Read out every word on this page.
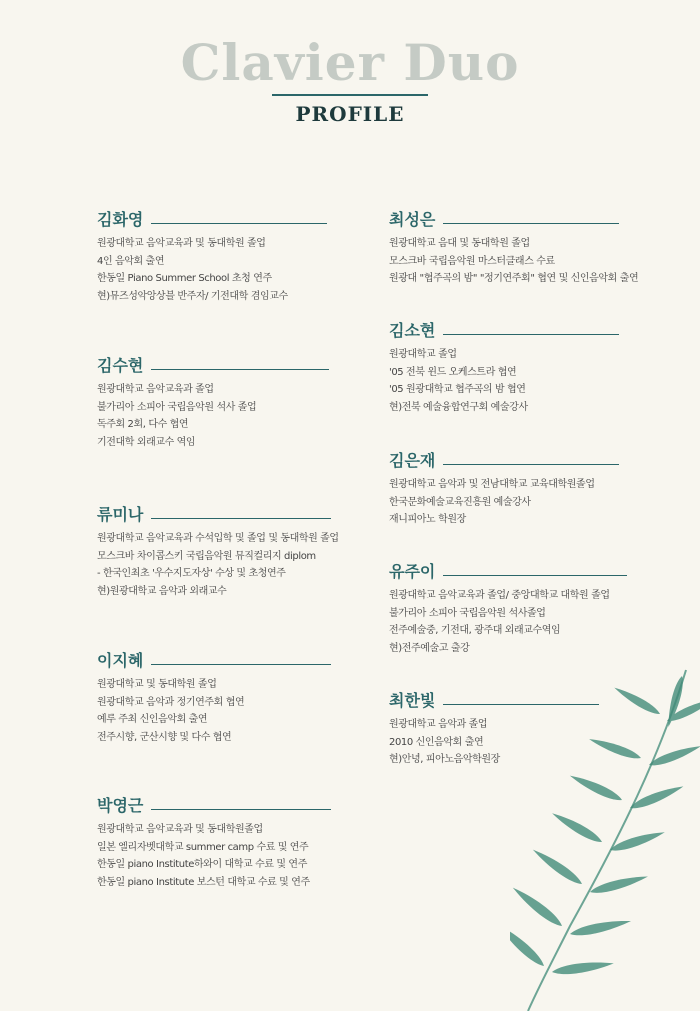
Clavier Duo
PROFILE
김화영
원광대학교 음악교육과 및 동대학원 졸업
4인 음악회 출연
한동일 Piano Summer School 초청 연주
현)뮤즈성악앙상블 반주자/ 기전대학 겸임교수
김수현
원광대학교 음악교육과 졸업
불가리아 소피아 국립음악원 석사 졸업
독주회 2회, 다수 협연
기전대학 외래교수 역임
류미나
원광대학교 음악교육과 수석입학 및 졸업 및 동대학원 졸업
모스크바 차이콥스키 국립음악원 뮤직컬리지 diplom
- 한국인최초 '우수지도자상' 수상 및 초청연주
현)원광대학교 음악과 외래교수
이지혜
원광대학교 및 동대학원 졸업
원광대학교 음악과 정기연주회 협연
예루 주최 신인음악회 출연
전주시향, 군산시향 및 다수 협연
박영근
원광대학교 음악교육과 및 동대학원졸업
일본 엘리자벳대학교 summer camp 수료 및 연주
한동일 piano Institute하와이 대학교 수료 및 연주
한동일 piano Institute 보스턴 대학교 수료 및 연주
최성은
원광대학교 음대 및 동대학원 졸업
모스크바 국립음악원 마스터클래스 수료
원광대 "협주곡의 밤" "정기연주회" 협연 및 신인음악회 출연
김소현
원광대학교 졸업
'05 전북 윈드 오케스트라 협연
'05 원광대학교 협주곡의 밤 협연
현)전북 예술융합연구회 예술강사
김은재
원광대학교 음악과 및 전남대학교 교육대학원졸업
한국문화예술교육진흥원 예술강사
재니피아노 학원장
유주이
원광대학교 음악교육과 졸업/ 중앙대학교 대학원 졸업
불가리아 소피아 국립음악원 석사졸업
전주예술중, 기전대, 광주대 외래교수역임
현)전주예술고 출강
최한빛
원광대학교 음악과 졸업
2010 신인음악회 출연
현)안녕, 피아노음악학원장
